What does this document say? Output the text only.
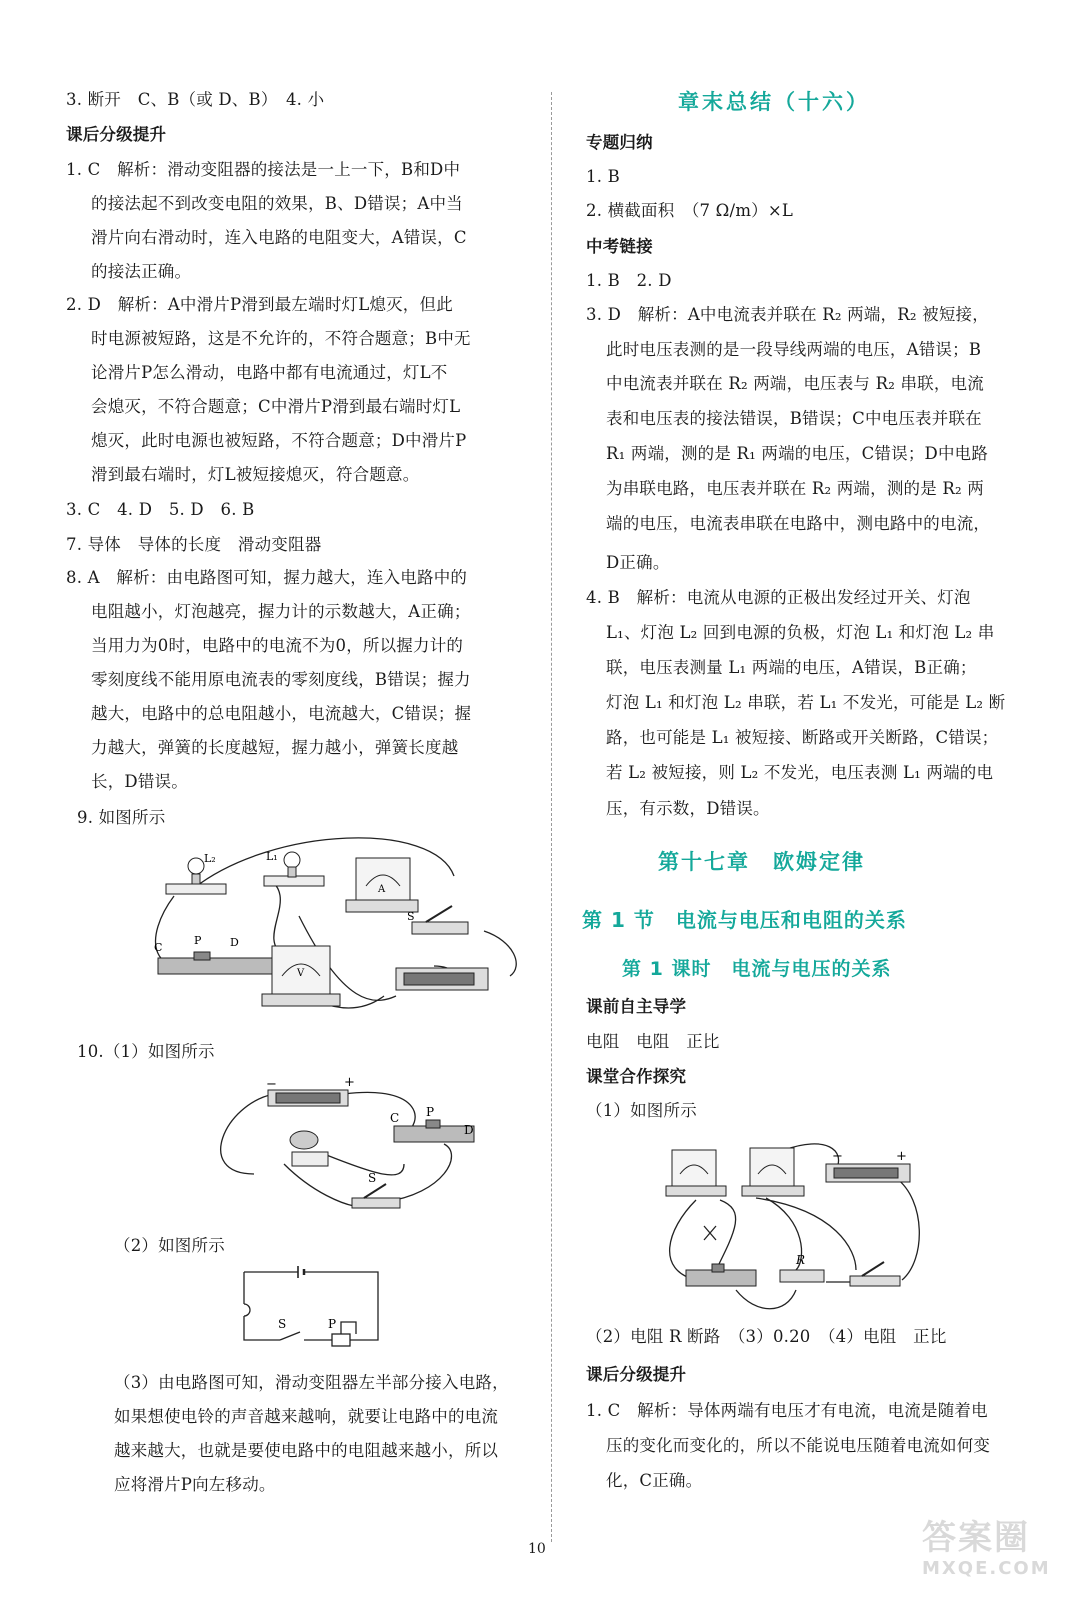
3. 断开　C、B（或 D、B）　4. 小
课后分级提升
1. C　解析：滑动变阻器的接法是一上一下，B和D中
的接法起不到改变电阻的效果，B、D错误；A中当
滑片向右滑动时，连入电路的电阻变大，A错误，C
的接法正确。
2. D　解析：A中滑片P滑到最左端时灯L熄灭，但此
时电源被短路，这是不允许的，不符合题意；B中无
论滑片P怎么滑动，电路中都有电流通过，灯L不
会熄灭，不符合题意；C中滑片P滑到最右端时灯L
熄灭，此时电源也被短路，不符合题意；D中滑片P
滑到最右端时，灯L被短接熄灭，符合题意。
3. C　4. D　5. D　6. B
7. 导体　导体的长度　滑动变阻器
8. A　解析：由电路图可知，握力越大，连入电路中的
电阻越小，灯泡越亮，握力计的示数越大，A正确；
当用力为0时，电路中的电流不为0，所以握力计的
零刻度线不能用原电流表的零刻度线，B错误；握力
越大，电路中的总电阻越小，电流越大，C错误；握
力越大，弹簧的长度越短，握力越小，弹簧长度越
长，D错误。
9. 如图所示
L₂	L₁
A
S
C
P	D
V
10.（1）如图所示
−	+
C P
D
S
（2）如图所示
S	P
（3）由电路图可知，滑动变阻器左半部分接入电路，
如果想使电铃的声音越来越响，就要让电路中的电流
越来越大，也就是要使电路中的电阻越来越小，所以
应将滑片P向左移动。
章末总结（十六）
专题归纳
1. B
2. 横截面积　（7 Ω/m）×L
中考链接
1. B　2. D
3. D　解析：A中电流表并联在 R₂ 两端，R₂ 被短接，
此时电压表测的是一段导线两端的电压，A错误；B
中电流表并联在 R₂ 两端，电压表与 R₂ 串联，电流
表和电压表的接法错误，B错误；C中电压表并联在
R₁ 两端，测的是 R₁ 两端的电压，C错误；D中电路
为串联电路，电压表并联在 R₂ 两端，测的是 R₂ 两
端的电压，电流表串联在电路中，测电路中的电流，
D正确。
4. B　解析：电流从电源的正极出发经过开关、灯泡
L₁、灯泡 L₂ 回到电源的负极，灯泡 L₁ 和灯泡 L₂ 串
联，电压表测量 L₁ 两端的电压，A错误，B正确；
灯泡 L₁ 和灯泡 L₂ 串联，若 L₁ 不发光，可能是 L₂ 断
路，也可能是 L₁ 被短接、断路或开关断路，C错误；
若 L₂ 被短接，则 L₂ 不发光，电压表测 L₁ 两端的电
压，有示数，D错误。
第十七章　欧姆定律
第 1 节　电流与电压和电阻的关系
第 1 课时　电流与电压的关系
课前自主导学
电阻　电阻　正比
课堂合作探究
（1）如图所示
−	+
R
（2）电阻 R 断路　（3）0.20　（4）电阻　正比
课后分级提升
1. C　解析：导体两端有电压才有电流，电流是随着电
压的变化而变化的，所以不能说电压随着电流如何变
化，C正确。
10	答案圈
MXQE.COM
